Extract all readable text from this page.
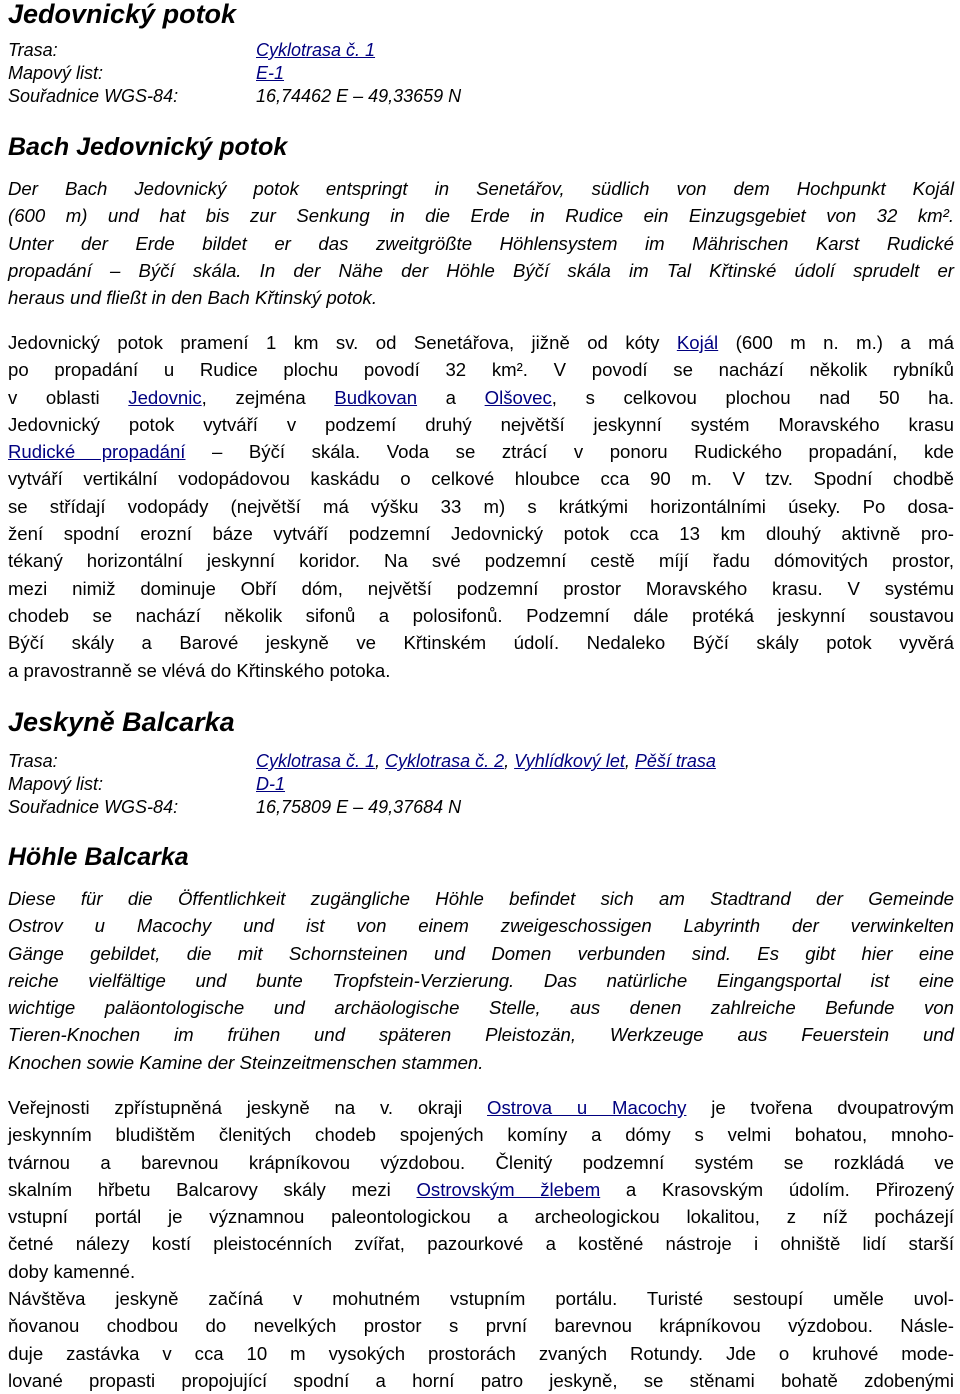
Jedovnický potok
Trasa:	Cyklotrasa č. 1
Mapový list:	E-1
Souřadnice WGS-84:	16,74462 E – 49,33659 N
Bach Jedovnický potok
Der Bach Jedovnický potok entspringt in Senetářov, südlich von dem Hochpunkt Kojál
(600 m) und hat bis zur Senkung in die Erde in Rudice ein Einzugsgebiet von 32 km².
Unter der Erde bildet er das zweitgrößte Höhlensystem im Mährischen Karst Rudické
propadání – Býčí skála. In der Nähe der Höhle Býčí skála im Tal Křtinské údolí sprudelt er
heraus und fließt in den Bach Křtinský potok.
Jedovnický potok pramení 1 km sv. od Senetářova, jižně od kóty Kojál (600 m n. m.) a má
po propadání u Rudice plochu povodí 32 km². V povodí se nachází několik rybníků
v oblasti Jedovnic, zejména Budkovan a Olšovec, s celkovou plochou nad 50 ha.
Jedovnický potok vytváří v podzemí druhý největší jeskynní systém Moravského krasu
Rudické propadání – Býčí skála. Voda se ztrácí v ponoru Rudického propadání, kde
vytváří vertikální vodopádovou kaskádu o celkové hloubce cca 90 m. V tzv. Spodní chodbě
se střídají vodopády (největší má výšku 33 m) s krátkými horizontálními úseky. Po dosa-
žení spodní erozní báze vytváří podzemní Jedovnický potok cca 13 km dlouhý aktivně pro-
tékaný horizontální jeskynní koridor. Na své podzemní cestě míjí řadu dómovitých prostor,
mezi nimiž dominuje Obří dóm, největší podzemní prostor Moravského krasu. V systému
chodeb se nachází několik sifonů a polosifonů. Podzemní dále protéká jeskynní soustavou
Býčí skály a Barové jeskyně ve Křtinském údolí. Nedaleko Býčí skály potok vyvěrá
a pravostranně se vlévá do Křtinského potoka.
Jeskyně Balcarka
Trasa:	Cyklotrasa č. 1, Cyklotrasa č. 2, Vyhlídkový let, Pěší trasa
Mapový list:	D-1
Souřadnice WGS-84:	16,75809 E – 49,37684 N
Höhle Balcarka
Diese für die Öffentlichkeit zugängliche Höhle befindet sich am Stadtrand der Gemeinde
Ostrov u Macochy und ist von einem zweigeschossigen Labyrinth der verwinkelten
Gänge gebildet, die mit Schornsteinen und Domen verbunden sind. Es gibt hier eine
reiche vielfältige und bunte Tropfstein-Verzierung. Das natürliche Eingangsportal ist eine
wichtige paläontologische und archäologische Stelle, aus denen zahlreiche Befunde von
Tieren-Knochen im frühen und späteren Pleistozän, Werkzeuge aus Feuerstein und
Knochen sowie Kamine der Steinzeitmenschen stammen.
Veřejnosti zpřístupněná jeskyně na v. okraji Ostrova u Macochy je tvořena dvoupatrovým
jeskynním bludištěm členitých chodeb spojených komíny a dómy s velmi bohatou, mnoho-
tvárnou a barevnou krápníkovou výzdobou. Členitý podzemní systém se rozkládá ve
skalním hřbetu Balcarovy skály mezi Ostrovským žlebem a Krasovským údolím. Přirozený
vstupní portál je významnou paleontologickou a archeologickou lokalitou, z níž pocházejí
četné nálezy kostí pleistocénních zvířat, pazourkové a kostěné nástroje i ohniště lidí starší
doby kamenné.
Návštěva jeskyně začíná v mohutném vstupním portálu. Turisté sestoupí uměle uvol-
ňovanou chodbou do nevelkých prostor s první barevnou krápníkovou výzdobou. Násle-
duje zastávka v cca 10 m vysokých prostorách zvaných Rotundy. Jde o kruhové mode-
lované propasti propojující spodní a horní patro jeskyně, se stěnami bohatě zdobenými
